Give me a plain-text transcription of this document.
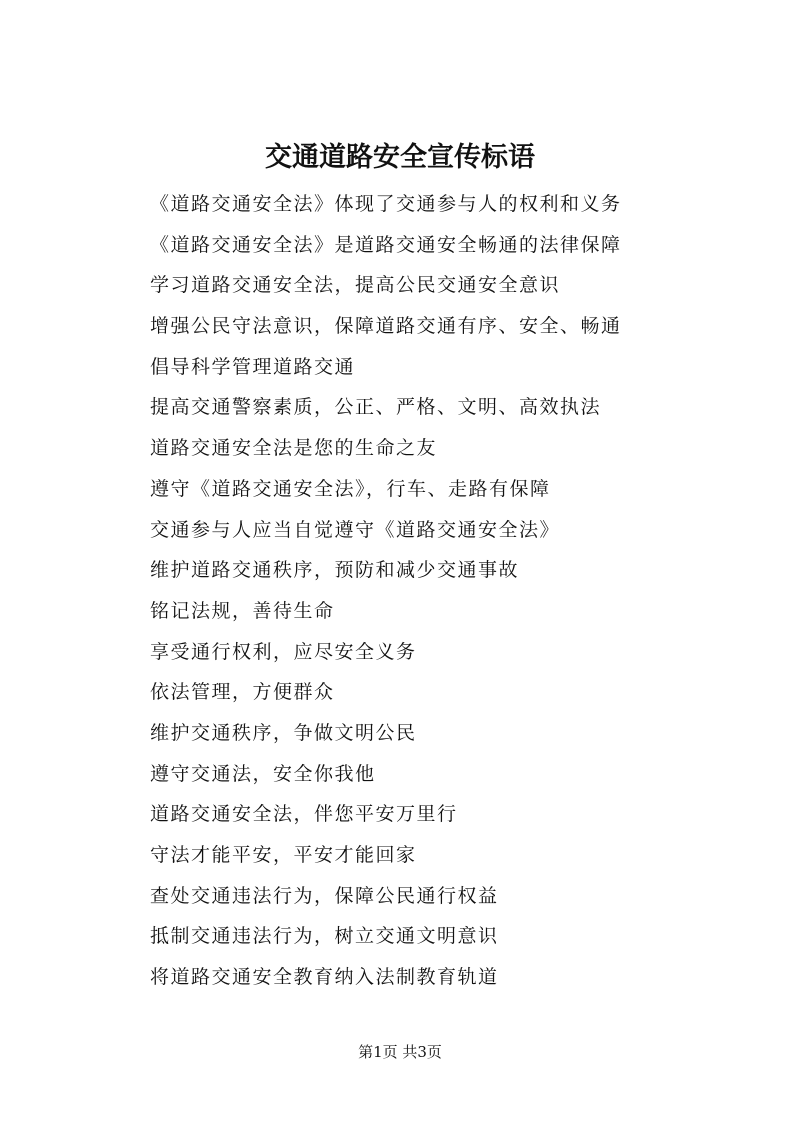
交通道路安全宣传标语
《道路交通安全法》体现了交通参与人的权利和义务
《道路交通安全法》是道路交通安全畅通的法律保障
学习道路交通安全法，提高公民交通安全意识
增强公民守法意识，保障道路交通有序、安全、畅通
倡导科学管理道路交通
提高交通警察素质，公正、严格、文明、高效执法
道路交通安全法是您的生命之友
遵守《道路交通安全法》，行车、走路有保障
交通参与人应当自觉遵守《道路交通安全法》
维护道路交通秩序，预防和减少交通事故
铭记法规，善待生命
享受通行权利，应尽安全义务
依法管理，方便群众
维护交通秩序，争做文明公民
遵守交通法，安全你我他
道路交通安全法，伴您平安万里行
守法才能平安，平安才能回家
查处交通违法行为，保障公民通行权益
抵制交通违法行为，树立交通文明意识
将道路交通安全教育纳入法制教育轨道
第1页 共3页
